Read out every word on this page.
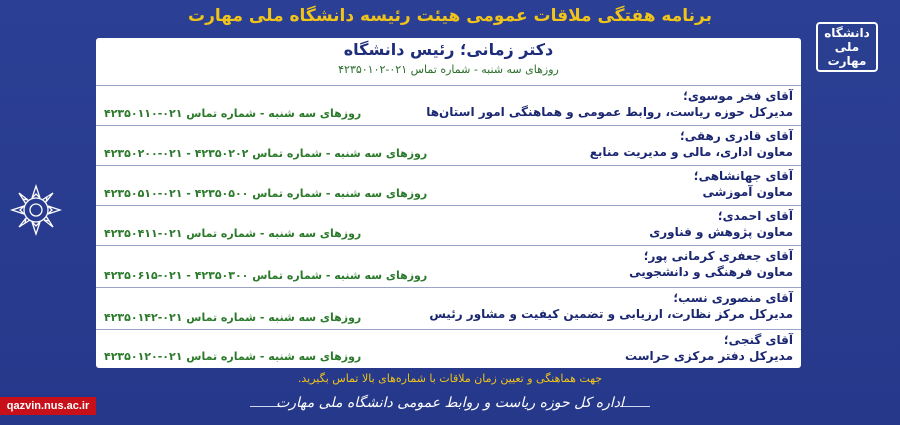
برنامه هفتگی ملاقات عمومی هیئت رئیسه دانشگاه ملی مهارت
دانشگاه ملی مهارت
دکتر زمانی؛ رئیس دانشگاه
روزهای سه شنبه - شماره تماس ۰۲۱-۴۲۳۵۰۱۰۲
آقای فخر موسوی؛
مدیرکل حوزه ریاست، روابط عمومی و هماهنگی امور استان‌ها
روزهای سه شنبه - شماره تماس ۰۲۱-۴۲۳۵۰۱۱۰
آقای قادری رهقی؛
معاون اداری، مالی و مدیریت منابع
روزهای سه شنبه - شماره تماس ۴۲۳۵۰۲۰۲ - ۰۲۱-۴۲۳۵۰۲۰۰
آقای جهانشاهی؛
معاون آموزشی
روزهای سه شنبه - شماره تماس ۴۲۳۵۰۵۰۰ - ۰۲۱-۴۲۳۵۰۵۱۰
آقای احمدی؛
معاون پژوهش و فناوری
روزهای سه شنبه - شماره تماس ۰۲۱-۴۲۳۵۰۴۱۱
آقای جعفری کرمانی پور؛
معاون فرهنگی و دانشجویی
روزهای سه شنبه - شماره تماس ۴۲۳۵۰۳۰۰ - ۰۲۱-۴۲۳۵۰۶۱۵
آقای منصوری نسب؛
مدیرکل مرکز نظارت، ارزیابی و تضمین کیفیت و مشاور رئیس
روزهای سه شنبه - شماره تماس ۰۲۱-۴۲۳۵۰۱۴۲
آقای گنجی؛
مدیرکل دفتر مرکزی حراست
روزهای سه شنبه - شماره تماس ۰۲۱-۴۲۳۵۰۱۲۰
جهت هماهنگی و تعیین زمان ملاقات با شماره‌های بالا تماس بگیرید.
اداره کل حوزه ریاست و روابط عمومی دانشگاه ملی مهارت
qazvin.nus.ac.ir
